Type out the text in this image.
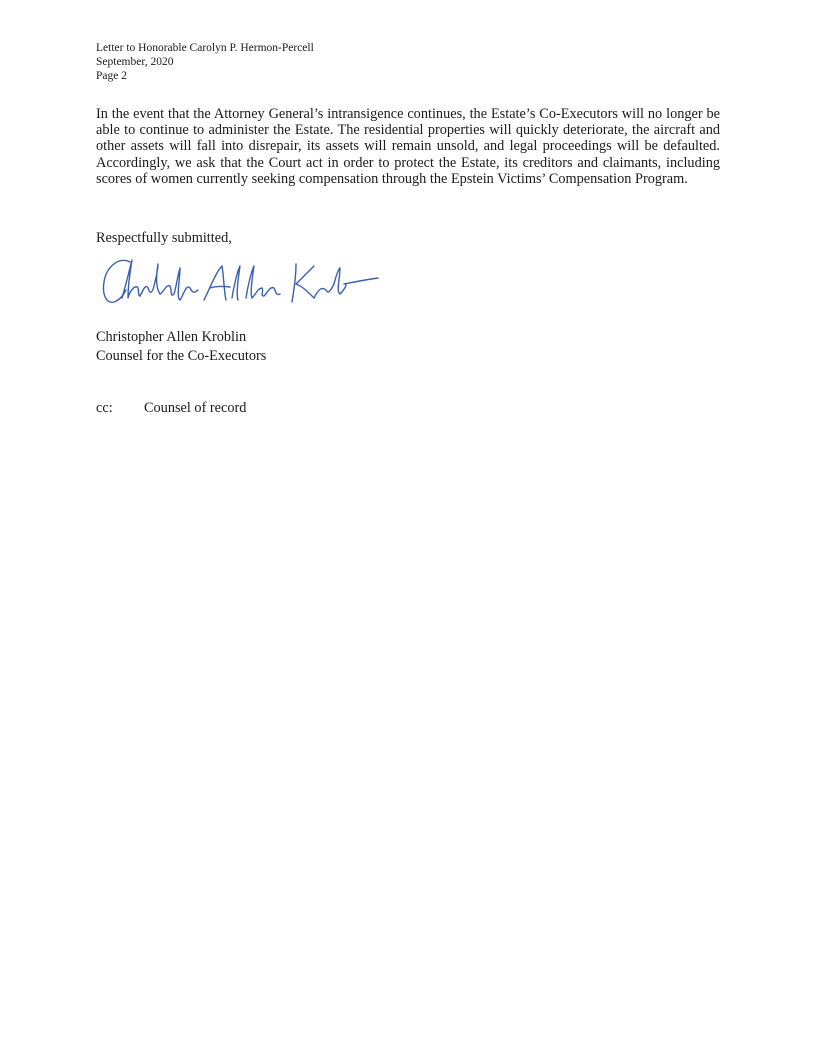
Letter to Honorable Carolyn P. Hermon-Percell
September, 2020
Page 2

In the event that the Attorney General’s intransigence continues, the Estate’s Co-Executors will no longer be able to continue to administer the Estate. The residential properties will quickly deteriorate, the aircraft and other assets will fall into disrepair, its assets will remain unsold, and legal proceedings will be defaulted. Accordingly, we ask that the Court act in order to protect the Estate, its creditors and claimants, including scores of women currently seeking compensation through the Epstein Victims’ Compensation Program.

Respectfully submitted,
Christopher Allen Kroblin
Counsel for the Co-Executors
cc: Counsel of record
